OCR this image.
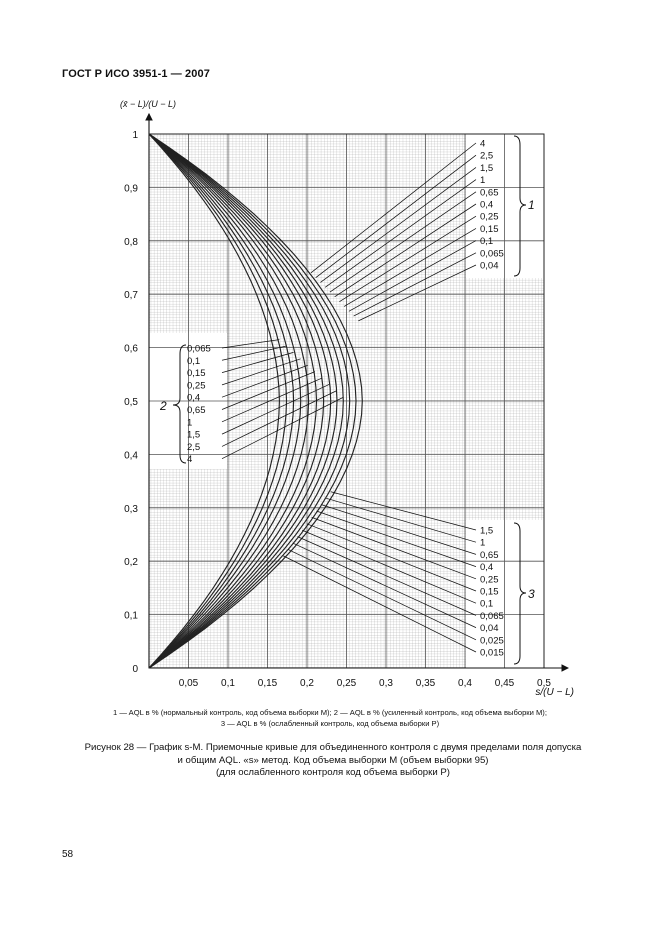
ГОСТ Р ИСО 3951-1 — 2007
0,05 0,1 0,15 0,2 0,25 0,3 0,35 0,4 0,45 0,5
0
0,1
0,2
0,3
0,4
0,5
0,6
0,7
0,8
0,9
1
(x̄ − L)/(U − L)
s/(U − L)
4
2,5
1,5
1
0,65
0,4
0,25
0,15
0,1
0,065
0,04
1
0,065
0,1
0,15
0,25
0,4
0,65
1
1,5
2,5
4
2
1,5
1
0,65
0,4
0,25
0,15
0,1
0,065
0,04
0,025
0,015
3
1 — AQL в % (нормальный контроль, код объема выборки М); 2 — AQL в % (усиленный контроль, код объема выборки М);
3 — AQL в % (ослабленный контроль, код объема выборки Р)
Рисунок 28 — График s-M. Приемочные кривые для объединенного контроля с двумя пределами поля допуска
и общим AQL. «s» метод. Код объема выборки М (объем выборки 95)
(для ослабленного контроля код объема выборки Р)
58
